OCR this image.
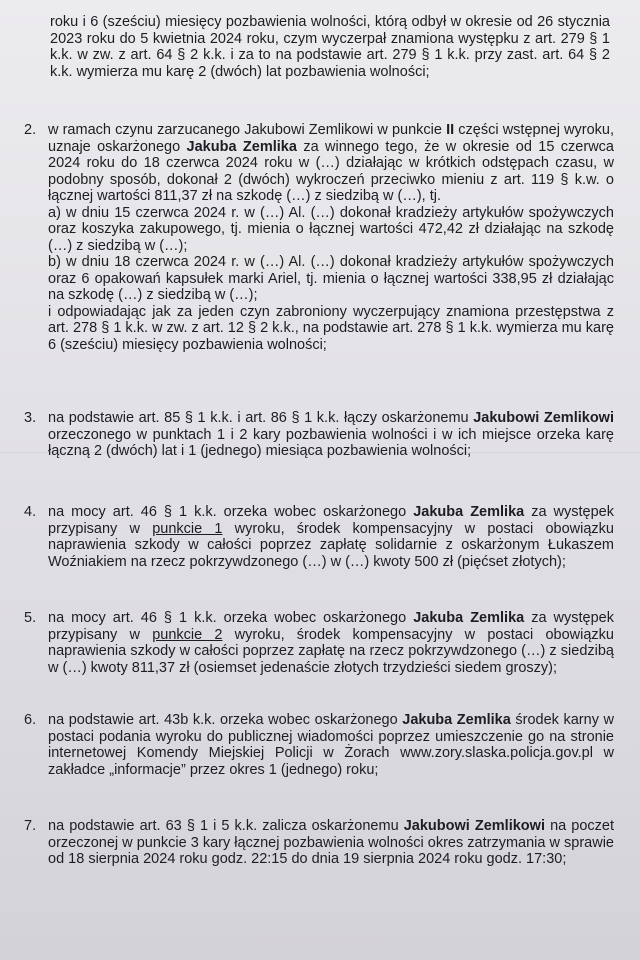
roku i 6 (sześciu) miesięcy pozbawienia wolności, którą odbył w okresie od 26 stycznia 2023 roku do 5 kwietnia 2024 roku, czym wyczerpał znamiona występku z art. 279 § 1 k.k. w zw. z art. 64 § 2 k.k. i za to na podstawie art. 279 § 1 k.k. przy zast. art. 64 § 2 k.k. wymierza mu karę 2 (dwóch) lat pozbawienia wolności;

2. w ramach czynu zarzucanego Jakubowi Zemlikowi w punkcie II części wstępnej wyroku, uznaje oskarżonego Jakuba Zemlika za winnego tego, że w okresie od 15 czerwca 2024 roku do 18 czerwca 2024 roku w (…) działając w krótkich odstępach czasu, w podobny sposób, dokonał 2 (dwóch) wykroczeń przeciwko mieniu z art. 119 § k.w. o łącznej wartości 811,37 zł na szkodę (…) z siedzibą w (…), tj.

a) w dniu 15 czerwca 2024 r. w (…) Al. (…) dokonał kradzieży artykułów spożywczych oraz koszyka zakupowego, tj. mienia o łącznej wartości 472,42 zł działając na szkodę (…) z siedzibą w (…);

b) w dniu 18 czerwca 2024 r. w (…) Al. (…) dokonał kradzieży artykułów spożywczych oraz 6 opakowań kapsułek marki Ariel, tj. mienia o łącznej wartości 338,95 zł działając na szkodę (…) z siedzibą w (…);

i odpowiadając jak za jeden czyn zabroniony wyczerpujący znamiona przestępstwa z art. 278 § 1 k.k. w zw. z art. 12 § 2 k.k., na podstawie art. 278 § 1 k.k. wymierza mu karę 6 (sześciu) miesięcy pozbawienia wolności;

3. na podstawie art. 85 § 1 k.k. i art. 86 § 1 k.k. łączy oskarżonemu Jakubowi Zemlikowi orzeczonego w punktach 1 i 2 kary pozbawienia wolności i w ich miejsce orzeka karę łączną 2 (dwóch) lat i 1 (jednego) miesiąca pozbawienia wolności;

4. na mocy art. 46 § 1 k.k. orzeka wobec oskarżonego Jakuba Zemlika za występek przypisany w punkcie 1 wyroku, środek kompensacyjny w postaci obowiązku naprawienia szkody w całości poprzez zapłatę solidarnie z oskarżonym Łukaszem Woźniakiem na rzecz pokrzywdzonego (…) w (…) kwoty 500 zł (pięćset złotych);

5. na mocy art. 46 § 1 k.k. orzeka wobec oskarżonego Jakuba Zemlika za występek przypisany w punkcie 2 wyroku, środek kompensacyjny w postaci obowiązku naprawienia szkody w całości poprzez zapłatę na rzecz pokrzywdzonego (…) z siedzibą w (…) kwoty 811,37 zł (osiemset jedenaście złotych trzydzieści siedem groszy);

6. na podstawie art. 43b k.k. orzeka wobec oskarżonego Jakuba Zemlika środek karny w postaci podania wyroku do publicznej wiadomości poprzez umieszczenie go na stronie internetowej Komendy Miejskiej Policji w Żorach www.zory.slaska.policja.gov.pl w zakładce „informacje” przez okres 1 (jednego) roku;

7. na podstawie art. 63 § 1 i 5 k.k. zalicza oskarżonemu Jakubowi Zemlikowi na poczet orzeczonej w punkcie 3 kary łącznej pozbawienia wolności okres zatrzymania w sprawie od 18 sierpnia 2024 roku godz. 22:15 do dnia 19 sierpnia 2024 roku godz. 17:30;
